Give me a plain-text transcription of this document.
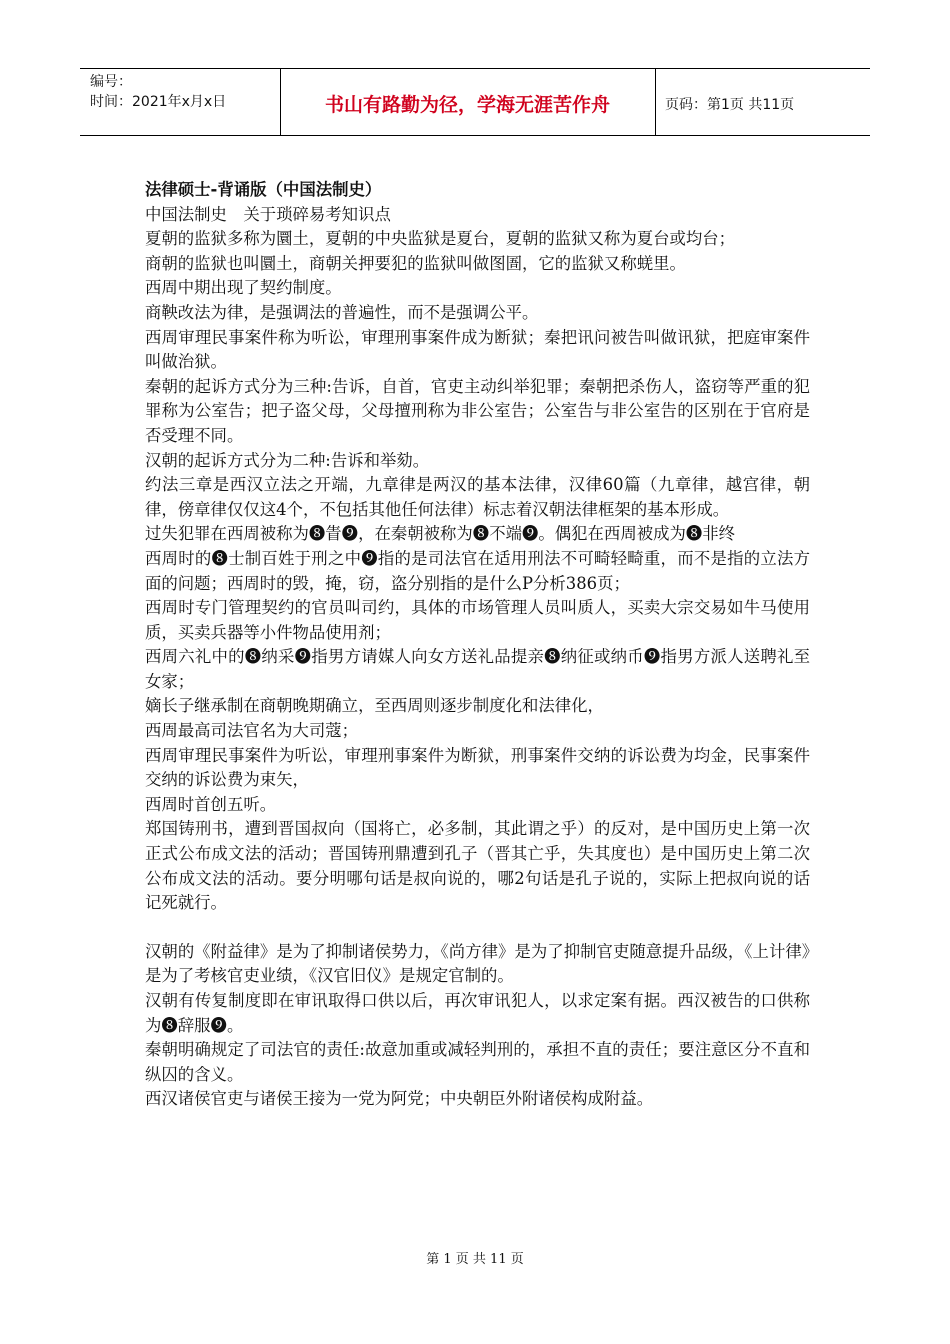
编号：
时间：2021年x月x日	书山有路勤为径，学海无涯苦作舟	页码：第1页 共11页

法律硕士-背诵版（中国法制史）

中国法制史　关于琐碎易考知识点

夏朝的监狱多称为圜土，夏朝的中央监狱是夏台，夏朝的监狱又称为夏台或均台；

商朝的监狱也叫圜土，商朝关押要犯的监狱叫做图圄，它的监狱又称蜣里。

西周中期出现了契约制度。

商鞅改法为律，是强调法的普遍性，而不是强调公平。

西周审理民事案件称为听讼，审理刑事案件成为断狱；秦把讯问被告叫做讯狱，把庭审案件叫做治狱。

秦朝的起诉方式分为三种:告诉，自首，官吏主动纠举犯罪；秦朝把杀伤人，盗窃等严重的犯罪称为公室告；把子盗父母，父母擅刑称为非公室告；公室告与非公室告的区别在于官府是否受理不同。

汉朝的起诉方式分为二种:告诉和举劾。

约法三章是西汉立法之开端，九章律是两汉的基本法律，汉律60篇（九章律，越宫律，朝律，傍章律仅仅这4个，不包括其他任何法律）标志着汉朝法律框架的基本形成。

过失犯罪在西周被称为❽眚❾，在秦朝被称为❽不端❾。偶犯在西周被成为❽非终

西周时的❽士制百姓于刑之中❾指的是司法官在适用刑法不可畸轻畸重，而不是指的立法方面的问题；西周时的毁，掩，窃，盗分别指的是什么P分析386页；

西周时专门管理契约的官员叫司约，具体的市场管理人员叫质人，买卖大宗交易如牛马使用质，买卖兵器等小件物品使用剂；

西周六礼中的❽纳采❾指男方请媒人向女方送礼品提亲❽纳征或纳币❾指男方派人送聘礼至女家；

嫡长子继承制在商朝晚期确立，至西周则逐步制度化和法律化，

西周最高司法官名为大司蔻；

西周审理民事案件为听讼，审理刑事案件为断狱，刑事案件交纳的诉讼费为均金，民事案件交纳的诉讼费为束矢，

西周时首创五听。

郑国铸刑书，遭到晋国叔向（国将亡，必多制，其此谓之乎）的反对，是中国历史上第一次正式公布成文法的活动；晋国铸刑鼎遭到孔子（晋其亡乎，失其度也）是中国历史上第二次公布成文法的活动。要分明哪句话是叔向说的，哪2句话是孔子说的，实际上把叔向说的话记死就行。

汉朝的《附益律》是为了抑制诸侯势力，《尚方律》是为了抑制官吏随意提升品级，《上计律》是为了考核官吏业绩，《汉官旧仪》是规定官制的。

汉朝有传复制度即在审讯取得口供以后，再次审讯犯人，以求定案有据。西汉被告的口供称为❽辞服❾。

秦朝明确规定了司法官的责任:故意加重或减轻判刑的，承担不直的责任；要注意区分不直和纵囚的含义。

西汉诸侯官吏与诸侯王接为一党为阿党；中央朝臣外附诸侯构成附益。

第 1 页 共 11 页
